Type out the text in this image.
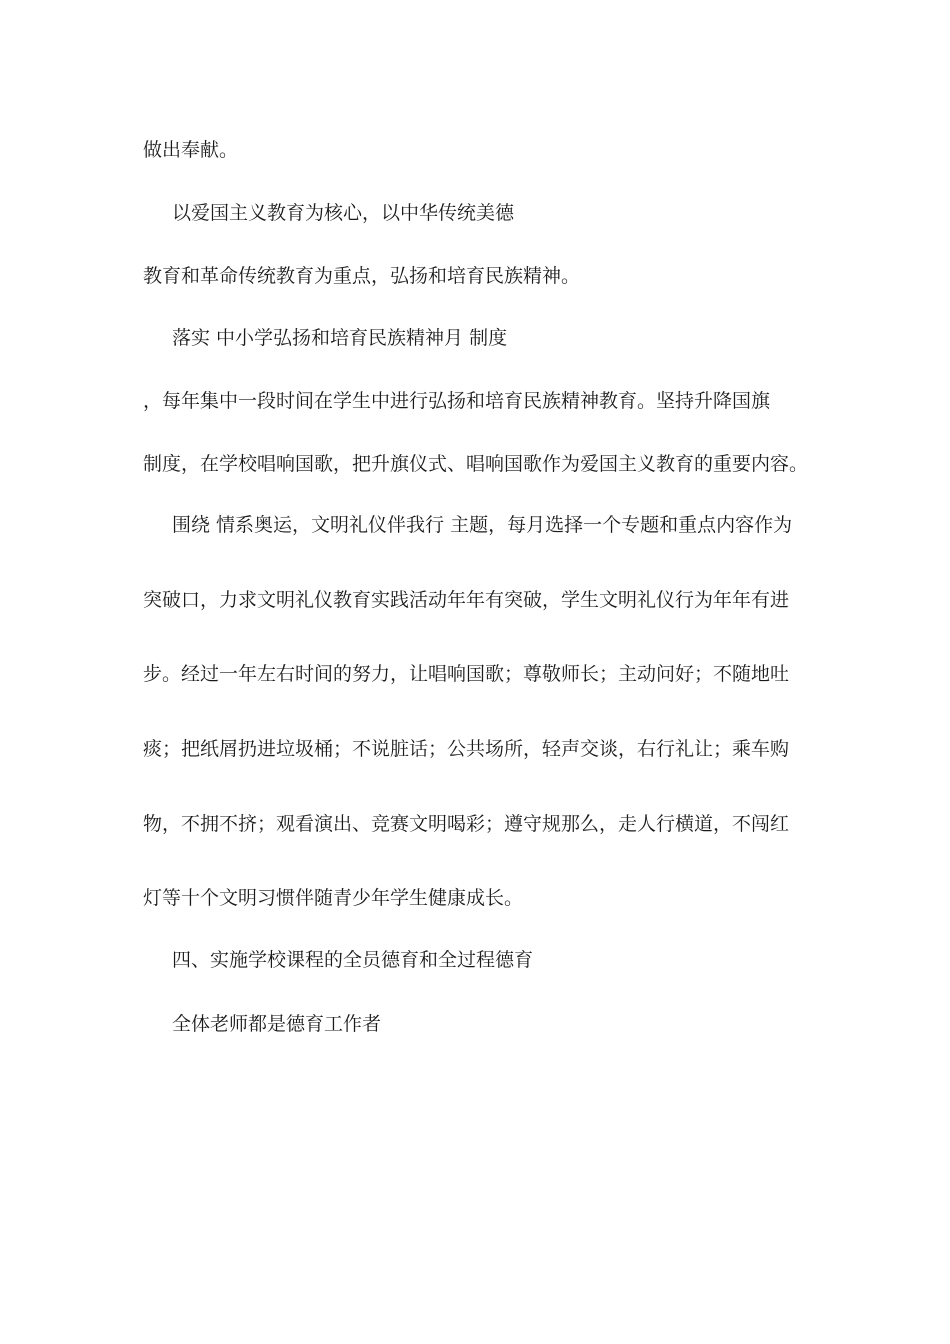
做出奉献。
以爱国主义教育为核心，以中华传统美德
教育和革命传统教育为重点，弘扬和培育民族精神。
落实 中小学弘扬和培育民族精神月 制度
，每年集中一段时间在学生中进行弘扬和培育民族精神教育。坚持升降国旗
制度，在学校唱响国歌，把升旗仪式、唱响国歌作为爱国主义教育的重要内容。
围绕 情系奥运，文明礼仪伴我行 主题，每月选择一个专题和重点内容作为
突破口，力求文明礼仪教育实践活动年年有突破，学生文明礼仪行为年年有进
步。经过一年左右时间的努力，让唱响国歌；尊敬师长；主动问好；不随地吐
痰；把纸屑扔进垃圾桶；不说脏话；公共场所，轻声交谈，右行礼让；乘车购
物，不拥不挤；观看演出、竞赛文明喝彩；遵守规那么，走人行横道，不闯红
灯等十个文明习惯伴随青少年学生健康成长。
四、实施学校课程的全员德育和全过程德育
全体老师都是德育工作者
